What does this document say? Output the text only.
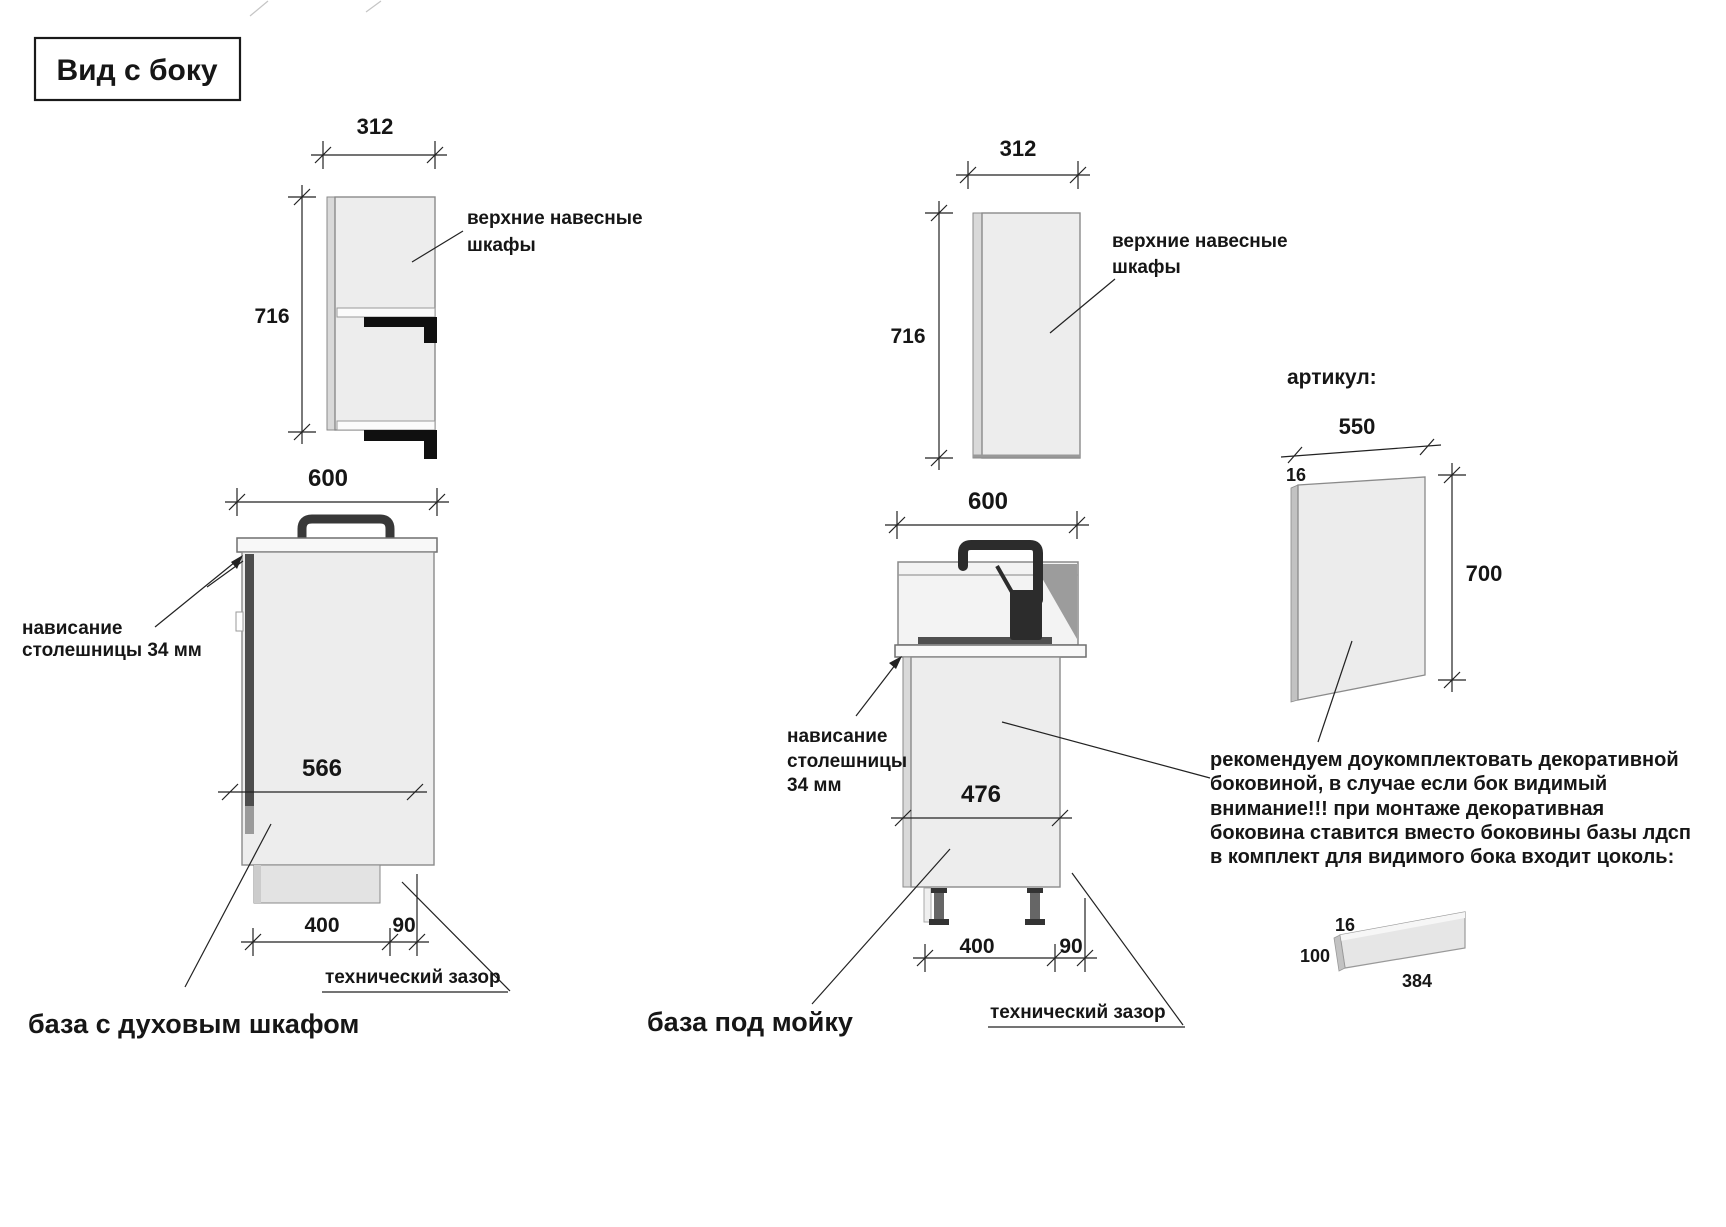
Вид с боку
312
716
верхние навесные
шкафы
600
566
400	90
технический зазор
нависание
столешницы 34 мм
база с духовым шкафом
312
716
верхние навесные
шкафы
600
476
400	90
технический зазор
нависание
столешницы
34 мм
база под мойку
артикул:
550
16
700
рекомендуем доукомплектовать декоративной
боковиной, в случае если бок видимый
внимание!!! при монтаже декоративная
боковина ставится вместо боковины базы лдсп
в комплект для видимого бока входит цоколь:
16
100
384
